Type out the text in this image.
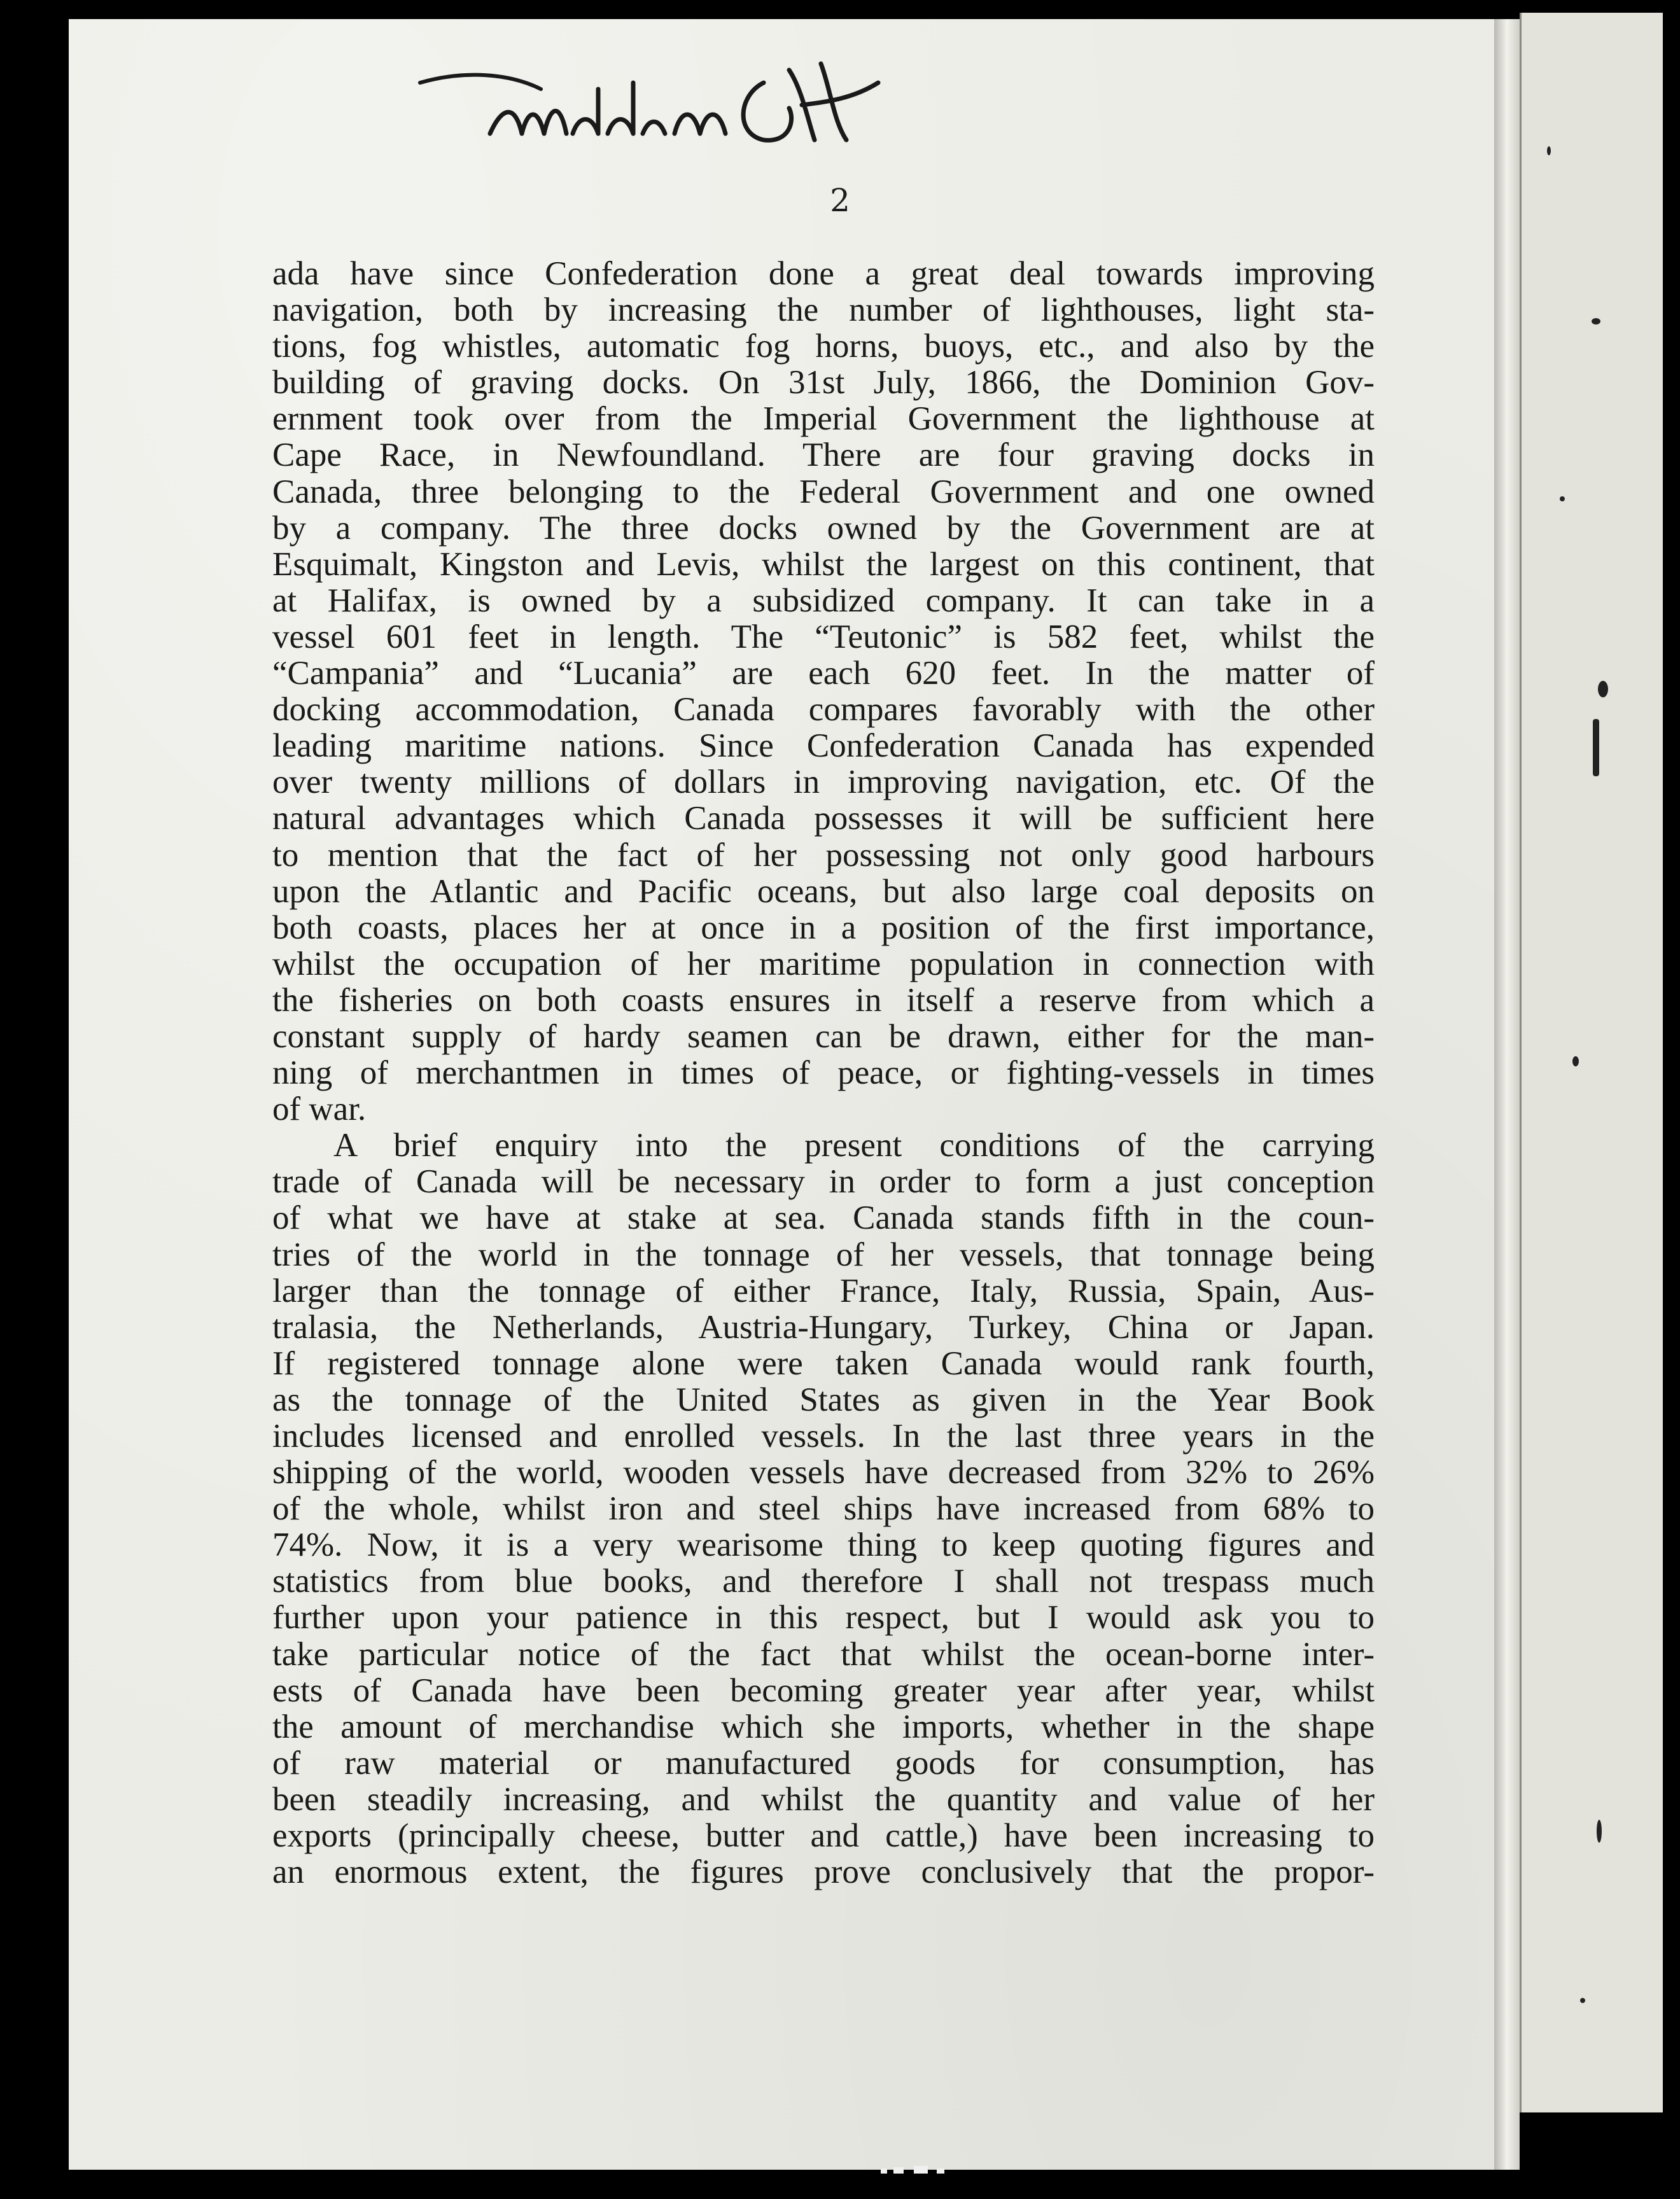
2
ada have since Confederation done a great deal towards improving
navigation, both by increasing the number of lighthouses, light sta-
tions, fog whistles, automatic fog horns, buoys, etc., and also by the
building of graving docks. On 31st July, 1866, the Dominion Gov-
ernment took over from the Imperial Government the lighthouse at
Cape Race, in Newfoundland. There are four graving docks in
Canada, three belonging to the Federal Government and one owned
by a company. The three docks owned by the Government are at
Esquimalt, Kingston and Levis, whilst the largest on this continent, that
at Halifax, is owned by a subsidized company. It can take in a
vessel 601 feet in length. The “Teutonic” is 582 feet, whilst the
“Campania” and “Lucania” are each 620 feet. In the matter of
docking accommodation, Canada compares favorably with the other
leading maritime nations. Since Confederation Canada has expended
over twenty millions of dollars in improving navigation, etc. Of the
natural advantages which Canada possesses it will be sufficient here
to mention that the fact of her possessing not only good harbours
upon the Atlantic and Pacific oceans, but also large coal deposits on
both coasts, places her at once in a position of the first importance,
whilst the occupation of her maritime population in connection with
the fisheries on both coasts ensures in itself a reserve from which a
constant supply of hardy seamen can be drawn, either for the man-
ning of merchantmen in times of peace, or fighting-vessels in times
of war.
A brief enquiry into the present conditions of the carrying
trade of Canada will be necessary in order to form a just conception
of what we have at stake at sea. Canada stands fifth in the coun-
tries of the world in the tonnage of her vessels, that tonnage being
larger than the tonnage of either France, Italy, Russia, Spain, Aus-
tralasia, the Netherlands, Austria-Hungary, Turkey, China or Japan.
If registered tonnage alone were taken Canada would rank fourth,
as the tonnage of the United States as given in the Year Book
includes licensed and enrolled vessels. In the last three years in the
shipping of the world, wooden vessels have decreased from 32% to 26%
of the whole, whilst iron and steel ships have increased from 68% to
74%. Now, it is a very wearisome thing to keep quoting figures and
statistics from blue books, and therefore I shall not trespass much
further upon your patience in this respect, but I would ask you to
take particular notice of the fact that whilst the ocean-borne inter-
ests of Canada have been becoming greater year after year, whilst
the amount of merchandise which she imports, whether in the shape
of raw material or manufactured goods for consumption, has
been steadily increasing, and whilst the quantity and value of her
exports (principally cheese, butter and cattle,) have been increasing to
an enormous extent, the figures prove conclusively that the propor-
